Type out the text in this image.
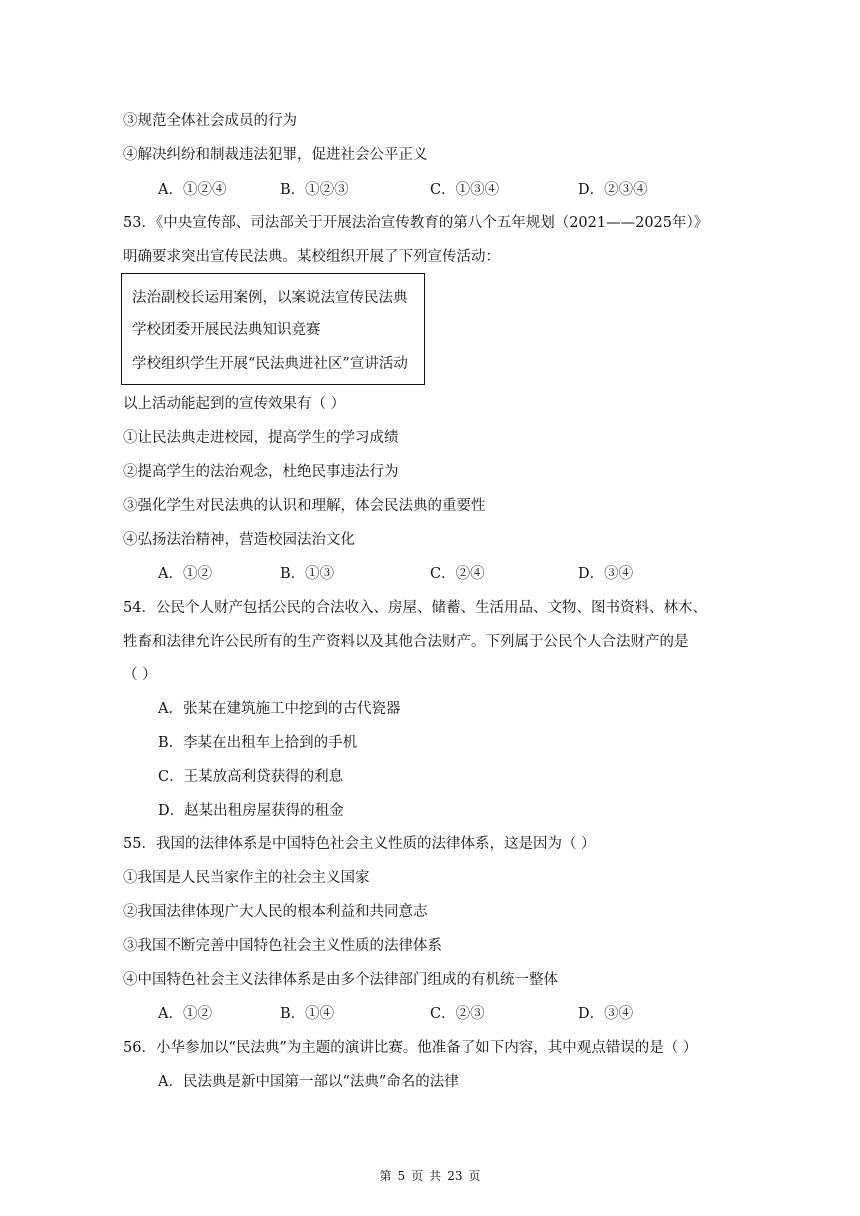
③规范全体社会成员的行为
④解决纠纷和制裁违法犯罪，促进社会公平正义
A．①②④	B．①②③	C．①③④	D．②③④
53．《中央宣传部、司法部关于开展法治宣传教育的第八个五年规划（2021——2025年）》
明确要求突出宣传民法典。某校组织开展了下列宣传活动：
法治副校长运用案例，以案说法宣传民法典
学校团委开展民法典知识竞赛
学校组织学生开展“民法典进社区”宣讲活动
以上活动能起到的宣传效果有（ ）
①让民法典走进校园，提高学生的学习成绩
②提高学生的法治观念，杜绝民事违法行为
③强化学生对民法典的认识和理解，体会民法典的重要性
④弘扬法治精神，营造校园法治文化
A．①②	B．①③	C．②④	D．③④
54．公民个人财产包括公民的合法收入、房屋、储蓄、生活用品、文物、图书资料、林木、
牲畜和法律允许公民所有的生产资料以及其他合法财产。下列属于公民个人合法财产的是
（ ）
A．张某在建筑施工中挖到的古代瓷器
B．李某在出租车上拾到的手机
C．王某放高利贷获得的利息
D．赵某出租房屋获得的租金
55．我国的法律体系是中国特色社会主义性质的法律体系，这是因为（ ）
①我国是人民当家作主的社会主义国家
②我国法律体现广大人民的根本利益和共同意志
③我国不断完善中国特色社会主义性质的法律体系
④中国特色社会主义法律体系是由多个法律部门组成的有机统一整体
A．①②	B．①④	C．②③	D．③④
56．小华参加以“民法典”为主题的演讲比赛。他准备了如下内容，其中观点错误的是（ ）
A．民法典是新中国第一部以“法典”命名的法律
第 5 页 共 23 页
